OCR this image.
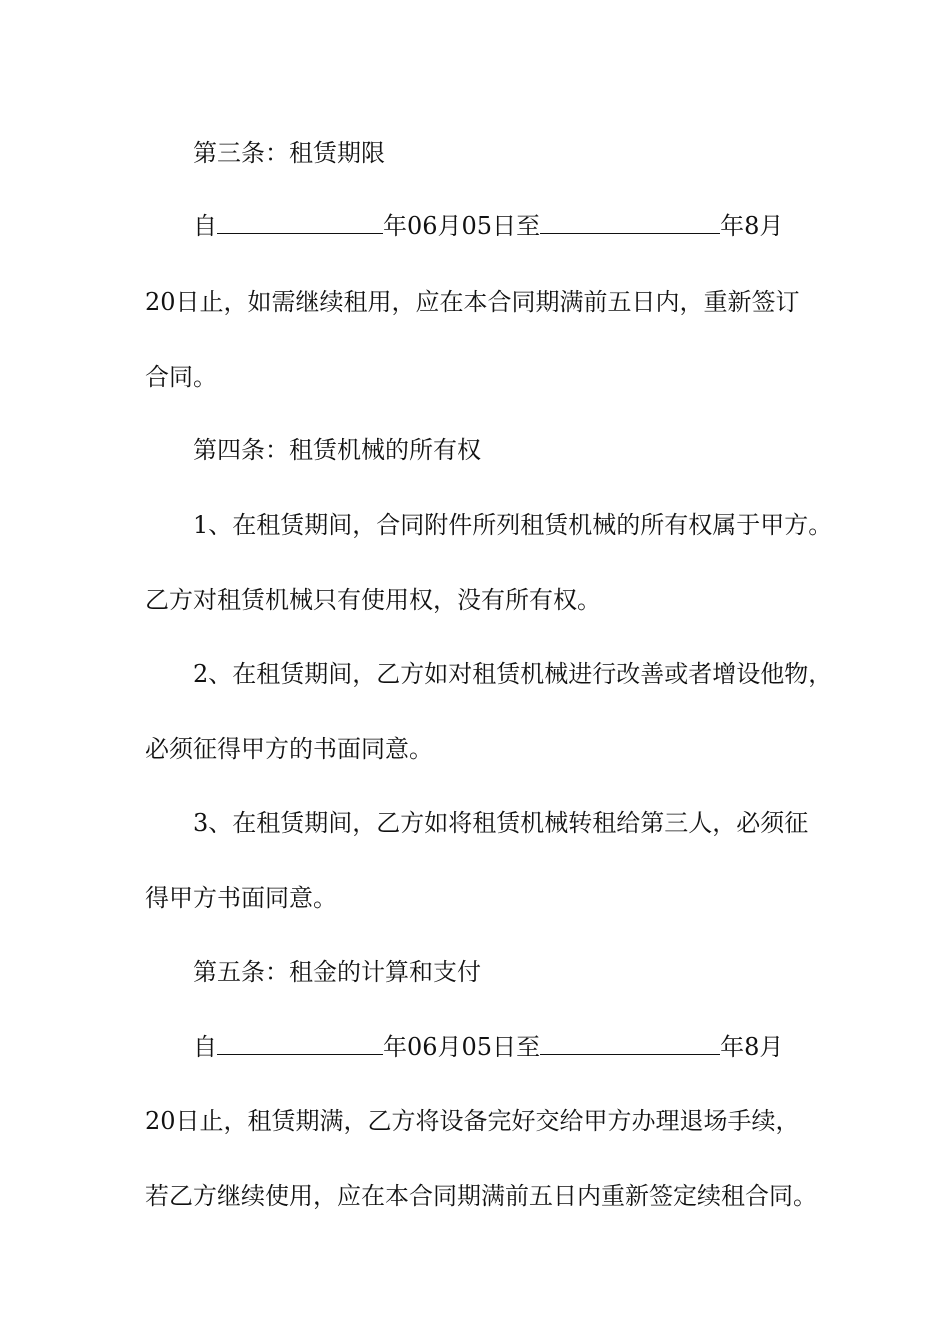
第三条：租赁期限
自	年06月05日至	年8月
20日止，如需继续租用，应在本合同期满前五日内，重新签订
合同。
第四条：租赁机械的所有权
1、在租赁期间，合同附件所列租赁机械的所有权属于甲方。
乙方对租赁机械只有使用权，没有所有权。
2、在租赁期间，乙方如对租赁机械进行改善或者增设他物，
必须征得甲方的书面同意。
3、在租赁期间，乙方如将租赁机械转租给第三人，必须征
得甲方书面同意。
第五条：租金的计算和支付
自	年06月05日至	年8月
20日止，租赁期满，乙方将设备完好交给甲方办理退场手续，
若乙方继续使用，应在本合同期满前五日内重新签定续租合同。
